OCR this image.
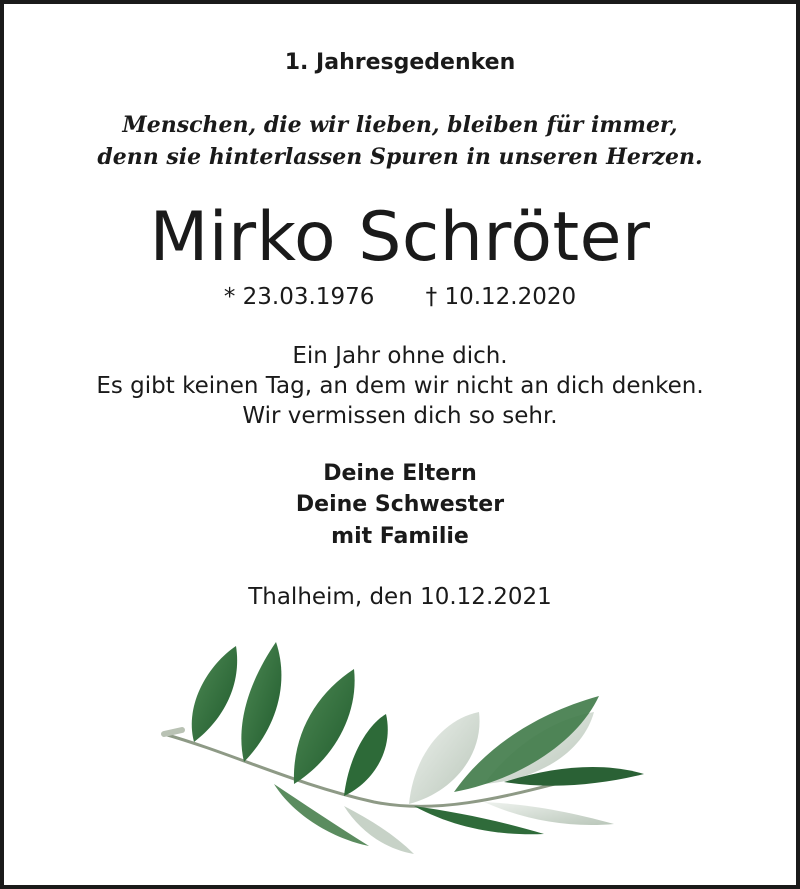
1. Jahresgedenken
Menschen, die wir lieben, bleiben für immer,
denn sie hinterlassen Spuren in unseren Herzen.
Mirko Schröter
* 23.03.1976 † 10.12.2020
Ein Jahr ohne dich.
Es gibt keinen Tag, an dem wir nicht an dich denken.
Wir vermissen dich so sehr.
Deine Eltern
Deine Schwester
mit Familie
Thalheim, den 10.12.2021
